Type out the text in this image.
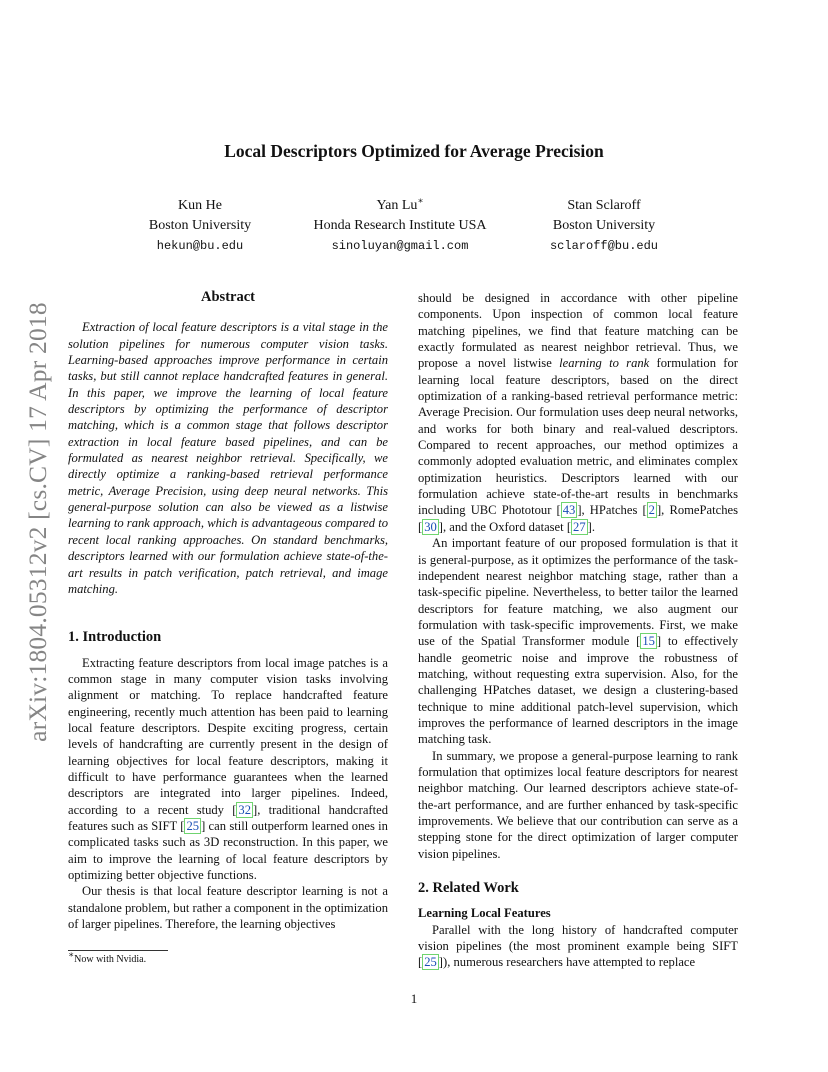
Local Descriptors Optimized for Average Precision
Kun He
Boston University
hekun@bu.edu
Yan Lu∗
Honda Research Institute USA
sinoluyan@gmail.com
Stan Sclaroff
Boston University
sclaroff@bu.edu
arXiv:1804.05312v2 [cs.CV] 17 Apr 2018
Abstract

Extraction of local feature descriptors is a vital stage in the solution pipelines for numerous computer vision tasks. Learning-based approaches improve performance in certain tasks, but still cannot replace handcrafted features in general. In this paper, we improve the learning of local feature descriptors by optimizing the performance of descriptor matching, which is a common stage that follows descriptor extraction in local feature based pipelines, and can be formulated as nearest neighbor retrieval. Specifically, we directly optimize a ranking-based retrieval performance metric, Average Precision, using deep neural networks. This general-purpose solution can also be viewed as a listwise learning to rank approach, which is advantageous compared to recent local ranking approaches. On standard benchmarks, descriptors learned with our formulation achieve state-of-the-art results in patch verification, patch retrieval, and image matching.

1. Introduction

Extracting feature descriptors from local image patches is a common stage in many computer vision tasks involving alignment or matching. To replace handcrafted feature engineering, recently much attention has been paid to learning local feature descriptors. Despite exciting progress, certain levels of handcrafting are currently present in the design of learning objectives for local feature descriptors, making it difficult to have performance guarantees when the learned descriptors are integrated into larger pipelines. Indeed, according to a recent study [ 32 ], traditional handcrafted features such as SIFT [ 25 ] can still outperform learned ones in complicated tasks such as 3D reconstruction. In this paper, we aim to improve the learning of local feature descriptors by optimizing better objective functions.

Our thesis is that local feature descriptor learning is not a standalone problem, but rather a component in the optimization of larger pipelines. Therefore, the learning objectives

should be designed in accordance with other pipeline components. Upon inspection of common local feature matching pipelines, we find that feature matching can be exactly formulated as nearest neighbor retrieval. Thus, we propose a novel listwise learning to rank formulation for learning local feature descriptors, based on the direct optimization of a ranking-based retrieval performance metric: Average Precision. Our formulation uses deep neural networks, and works for both binary and real-valued descriptors. Compared to recent approaches, our method optimizes a commonly adopted evaluation metric, and eliminates complex optimization heuristics. Descriptors learned with our formulation achieve state-of-the-art results in benchmarks including UBC Phototour [ 43 ], HPatches [ 2 ], RomePatches [ 30 ], and the Oxford dataset [ 27 ].

An important feature of our proposed formulation is that it is general-purpose, as it optimizes the performance of the task-independent nearest neighbor matching stage, rather than a task-specific pipeline. Nevertheless, to better tailor the learned descriptors for feature matching, we also augment our formulation with task-specific improvements. First, we make use of the Spatial Transformer module [ 15 ] to effectively handle geometric noise and improve the robustness of matching, without requesting extra supervision. Also, for the challenging HPatches dataset, we design a clustering-based technique to mine additional patch-level supervision, which improves the performance of learned descriptors in the image matching task.

In summary, we propose a general-purpose learning to rank formulation that optimizes local feature descriptors for nearest neighbor matching. Our learned descriptors achieve state-of-the-art performance, and are further enhanced by task-specific improvements. We believe that our contribution can serve as a stepping stone for the direct optimization of larger computer vision pipelines.

2. Related Work
Learning Local Features

Parallel with the long history of handcrafted computer vision pipelines (the most prominent example being SIFT [ 25 ]), numerous researchers have attempted to replace

∗Now with Nvidia.
1
